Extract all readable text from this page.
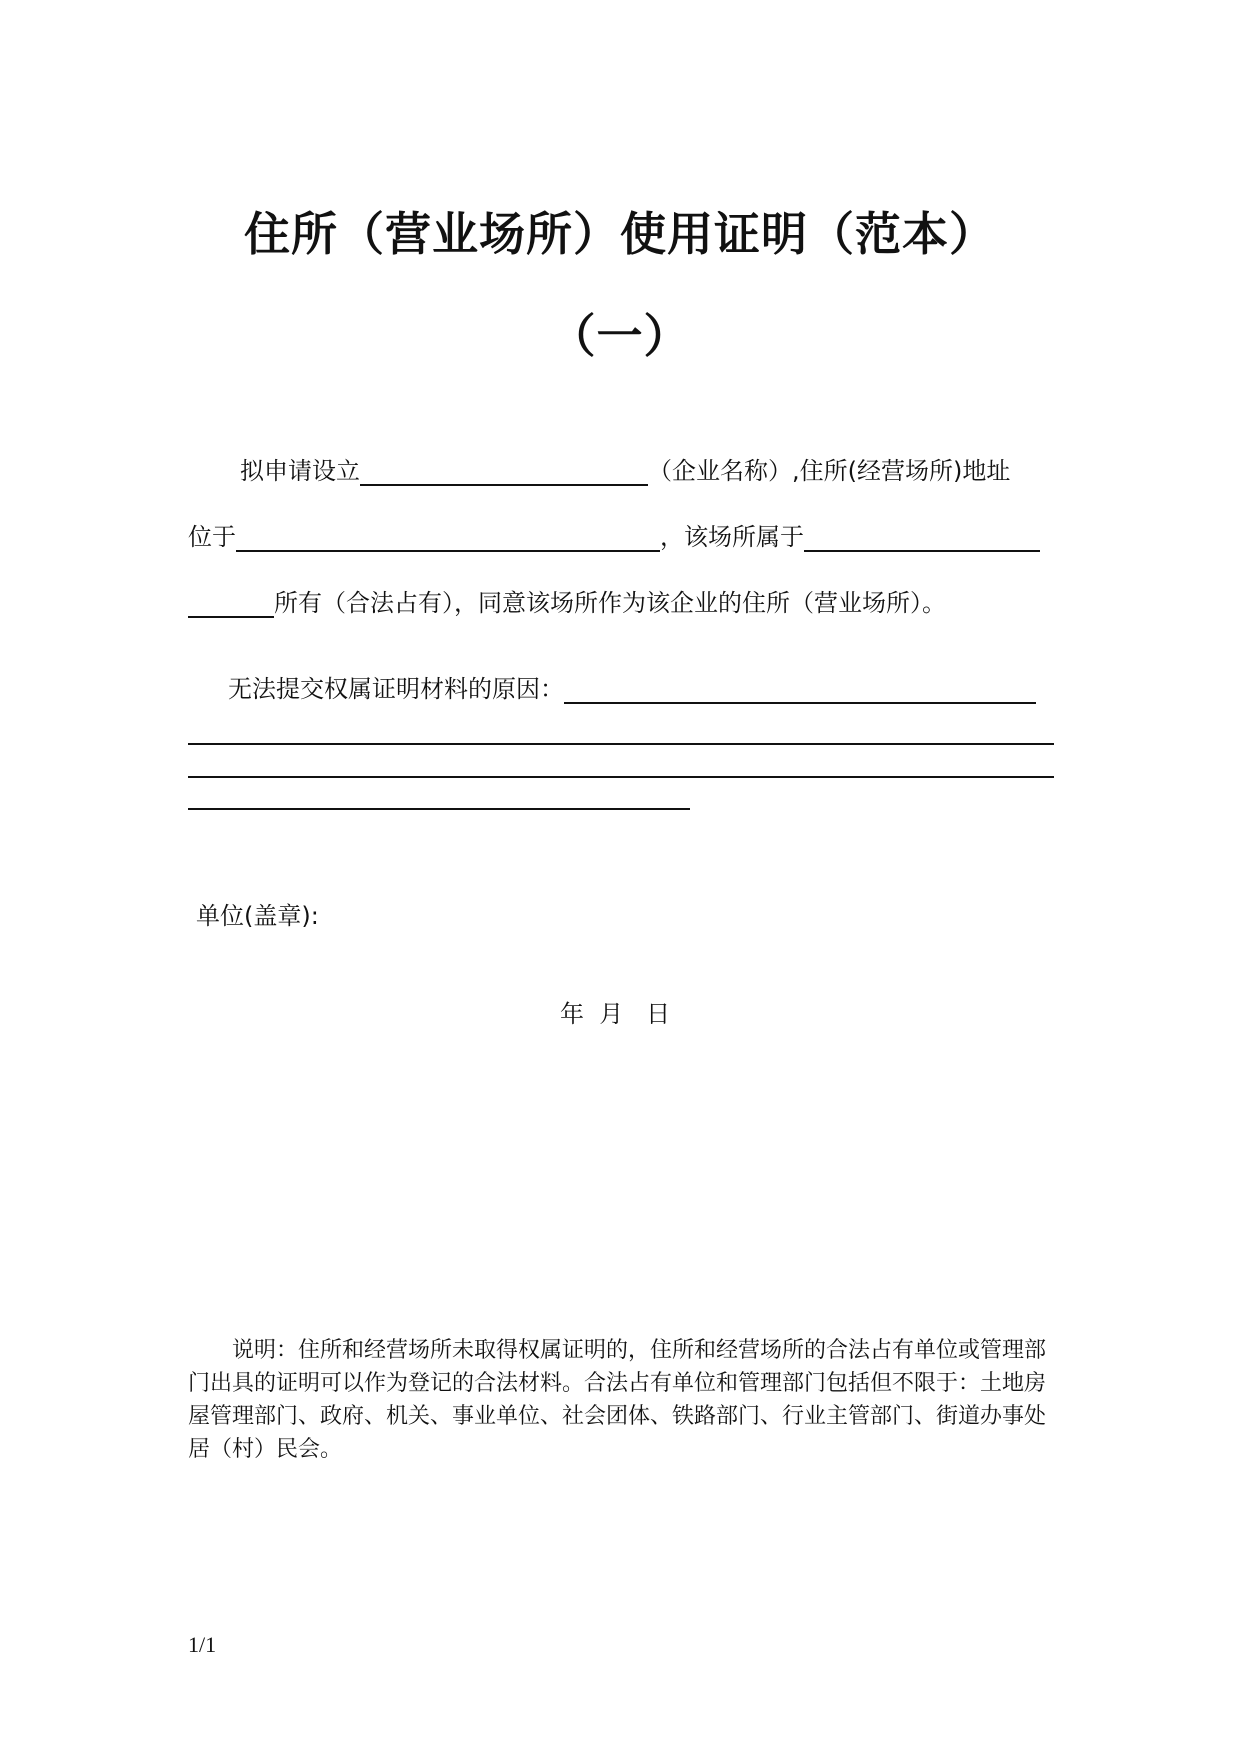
住所（营业场所）使用证明（范本）
（一）
拟申请设立	（企业名称）,住所(经营场所)地址
位于	，该场所属于
所有（合法占有），同意该场所作为该企业的住所（营业场所）。
无法提交权属证明材料的原因：
单位(盖章):
年  月   日
说明：住所和经营场所未取得权属证明的，住所和经营场所的合法占有单位或管理部
门出具的证明可以作为登记的合法材料。合法占有单位和管理部门包括但不限于：土地房
屋管理部门、政府、机关、事业单位、社会团体、铁路部门、行业主管部门、街道办事处
居（村）民会。
1/1
